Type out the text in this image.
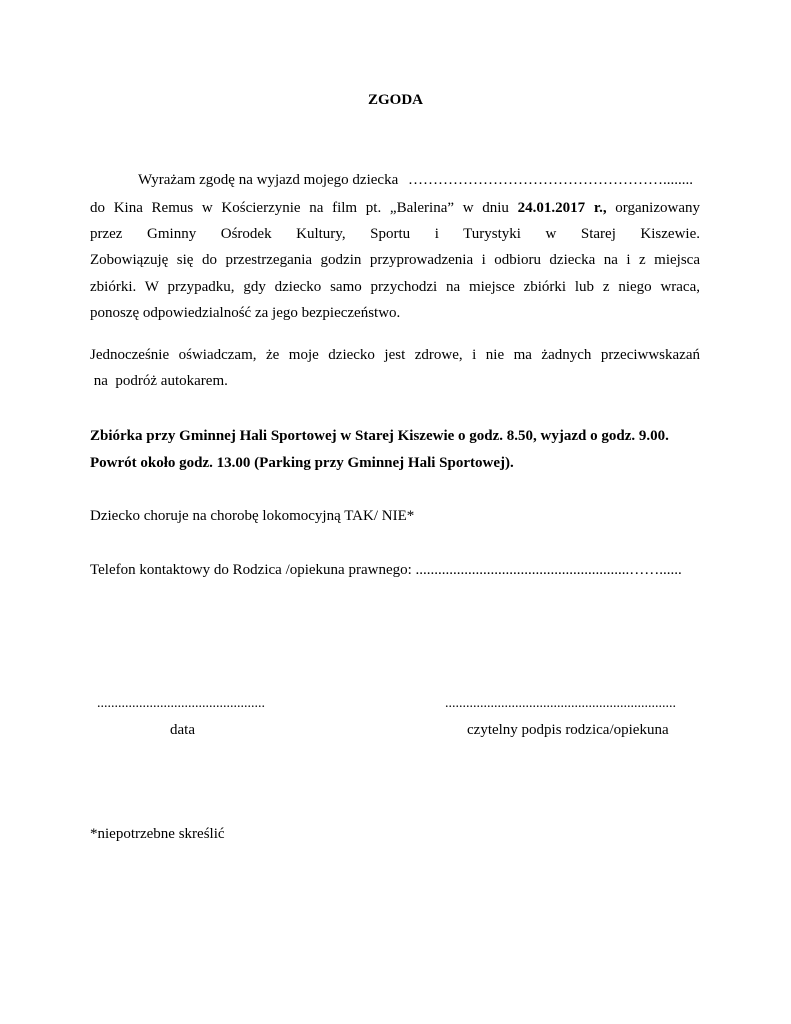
ZGODA
Wyrażam zgodę na wyjazd mojego dziecka ……………………………………………........
do Kina Remus w Kościerzynie na film pt. „Balerina” w dniu 24.01.2017 r., organizowany
przez Gminny Ośrodek Kultury, Sportu i Turystyki w Starej Kiszewie.
Zobowiązuję się do przestrzegania godzin przyprowadzenia i odbioru dziecka na i z miejsca
zbiórki. W przypadku, gdy dziecko samo przychodzi na miejsce zbiórki lub z niego wraca,
ponoszę odpowiedzialność za jego bezpieczeństwo.
Jednocześnie oświadczam, że moje dziecko jest zdrowe, i nie ma żadnych przeciwwskazań
na  podróż autokarem.
Zbiórka przy Gminnej Hali Sportowej w Starej Kiszewie o godz. 8.50, wyjazd o godz. 9.00.
Powrót około godz. 13.00 (Parking przy Gminnej Hali Sportowej).
Dziecko choruje na chorobę lokomocyjną TAK/ NIE*
Telefon kontaktowy do Rodzica /opiekuna prawnego: .........................................................……......
................................................
data
..................................................................
czytelny podpis rodzica/opiekuna
*niepotrzebne skreślić
